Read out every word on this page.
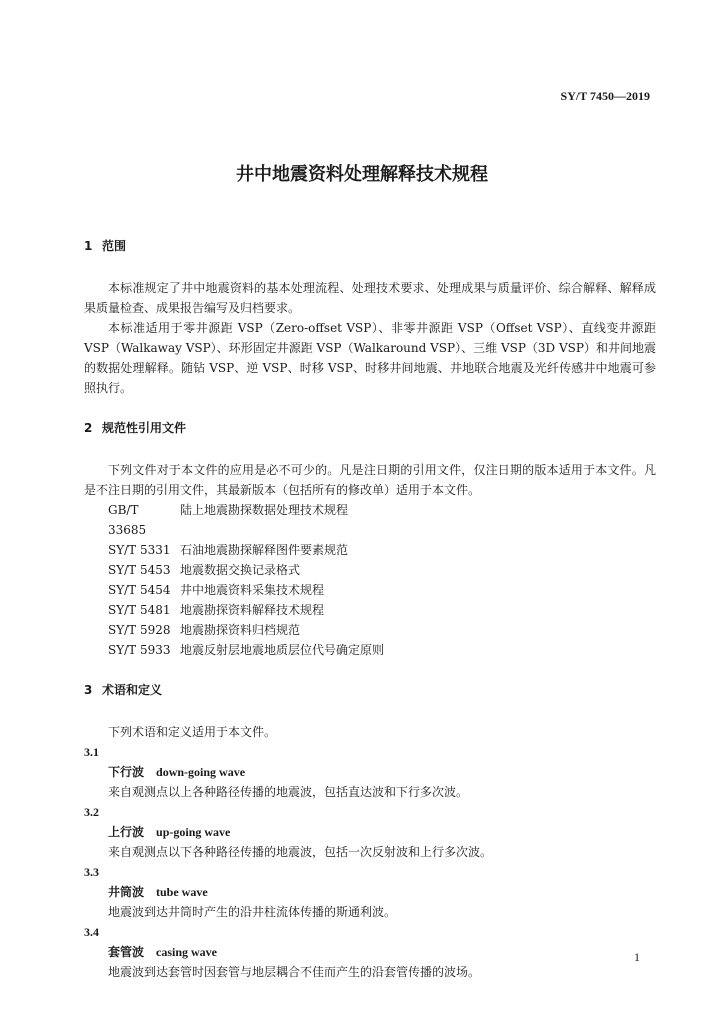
SY/T 7450—2019
井中地震资料处理解释技术规程
1 范围
本标准规定了井中地震资料的基本处理流程、处理技术要求、处理成果与质量评价、综合解释、解释成果质量检查、成果报告编写及归档要求。
本标准适用于零井源距 VSP（Zero-offset VSP）、非零井源距 VSP（Offset VSP）、直线变井源距 VSP（Walkaway VSP）、环形固定井源距 VSP（Walkaround VSP）、三维 VSP（3D VSP）和井间地震的数据处理解释。随钻 VSP、逆 VSP、时移 VSP、时移井间地震、井地联合地震及光纤传感井中地震可参照执行。
2 规范性引用文件
下列文件对于本文件的应用是必不可少的。凡是注日期的引用文件，仅注日期的版本适用于本文件。凡是不注日期的引用文件，其最新版本（包括所有的修改单）适用于本文件。
GB/T 33685
陆上地震勘探数据处理技术规程
SY/T 5331 石油地震勘探解释图件要素规范
SY/T 5453 地震数据交换记录格式
SY/T 5454 井中地震资料采集技术规程
SY/T 5481 地震勘探资料解释技术规程
SY/T 5928 地震勘探资料归档规范
SY/T 5933 地震反射层地震地质层位代号确定原则
3 术语和定义
下列术语和定义适用于本文件。
3.1
下行波 down-going wave
来自观测点以上各种路径传播的地震波，包括直达波和下行多次波。
3.2
上行波 up-going wave
来自观测点以下各种路径传播的地震波，包括一次反射波和上行多次波。
3.3
井筒波 tube wave
地震波到达井筒时产生的沿井柱流体传播的斯通利波。
3.4
套管波 casing wave
地震波到达套管时因套管与地层耦合不佳而产生的沿套管传播的波场。
1
